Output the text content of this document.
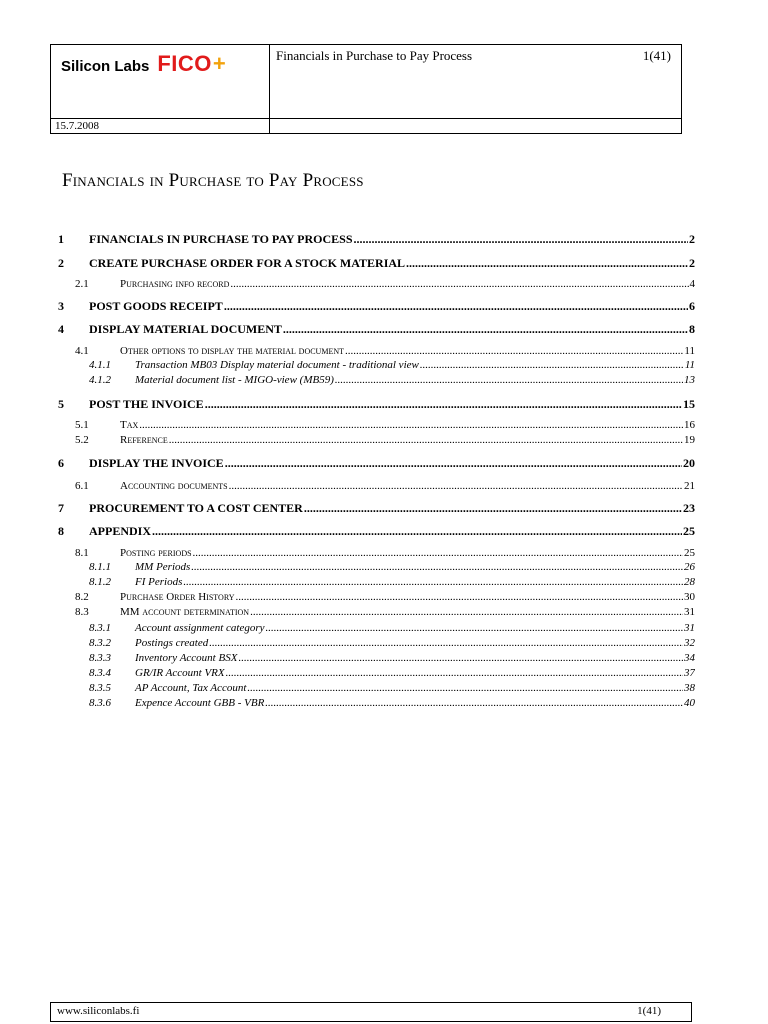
Silicon Labs FICO +	Financials in Purchase to Pay Process	1(41)
15.7.2008
Financials in Purchase to Pay Process
1	FINANCIALS IN PURCHASE TO PAY PROCESS .....	2
2	CREATE PURCHASE ORDER FOR A STOCK MATERIAL .....	2
2.1	Purchasing info record .....	4
3	POST GOODS RECEIPT .....	6
4	DISPLAY MATERIAL DOCUMENT .....	8
4.1	Other options to display the material document .....	11
4.1.1	Transaction MB03 Display material document - traditional view .....	11
4.1.2	Material document list - MIGO-view (MB59) .....	13
5	POST THE INVOICE .....	15
5.1	Tax .....	16
5.2	Reference .....	19
6	DISPLAY THE INVOICE .....	20
6.1	Accounting documents .....	21
7	PROCUREMENT TO A COST CENTER .....	23
8	APPENDIX .....	25
8.1	Posting periods .....	25
8.1.1	MM Periods .....	26
8.1.2	FI Periods .....	28
8.2	Purchase Order History .....	30
8.3	MM account determination .....	31
8.3.1	Account assignment category .....	31
8.3.2	Postings created .....	32
8.3.3	Inventory Account BSX .....	34
8.3.4	GR/IR Account VRX .....	37
8.3.5	AP Account, Tax Account .....	38
8.3.6	Expence Account GBB - VBR .....	40
www.siliconlabs.fi	1(41)
